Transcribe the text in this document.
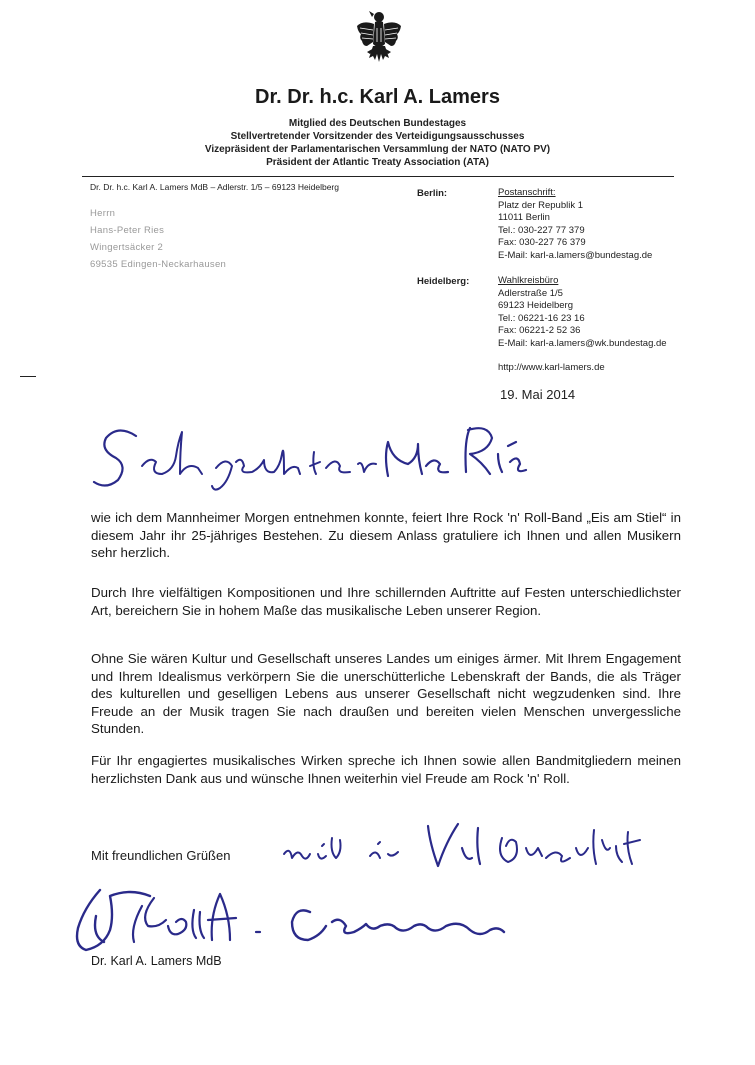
Dr. Dr. h.c. Karl A. Lamers
Mitglied des Deutschen Bundestages
Stellvertretender Vorsitzender des Verteidigungsausschusses
Vizepräsident der Parlamentarischen Versammlung der NATO (NATO PV)
Präsident der Atlantic Treaty Association (ATA)
Dr. Dr. h.c. Karl A. Lamers MdB – Adlerstr. 1/5 – 69123 Heidelberg
Herrn
Hans-Peter Ries
Wingertsäcker 2
69535 Edingen-Neckarhausen
Berlin:	Postanschrift:
Platz der Republik 1
11011 Berlin
Tel.: 030-227 77 379
Fax: 030-227 76 379
E-Mail: karl-a.lamers@bundestag.de
Heidelberg:	Wahlkreisbüro
Adlerstraße 1/5
69123 Heidelberg
Tel.: 06221-16 23 16
Fax: 06221-2 52 36
E-Mail: karl-a.lamers@wk.bundestag.de
http://www.karl-lamers.de
19. Mai 2014
wie ich dem Mannheimer Morgen entnehmen konnte, feiert Ihre Rock 'n' Roll-Band „Eis am Stiel“ in diesem Jahr ihr 25-jähriges Bestehen. Zu diesem Anlass gratuliere ich Ihnen und allen Musikern sehr herzlich.
Durch Ihre vielfältigen Kompositionen und Ihre schillernden Auftritte auf Festen unterschiedlichster Art, bereichern Sie in hohem Maße das musikalische Leben unserer Region.
Ohne Sie wären Kultur und Gesellschaft unseres Landes um einiges ärmer. Mit Ihrem Engagement und Ihrem Idealismus verkörpern Sie die unerschütterliche Lebenskraft der Bands, die als Träger des kulturellen und geselligen Lebens aus unserer Gesellschaft nicht wegzudenken sind. Ihre Freude an der Musik tragen Sie nach draußen und bereiten vielen Menschen unvergessliche Stunden.
Für Ihr engagiertes musikalisches Wirken spreche ich Ihnen sowie allen Bandmitgliedern meinen herzlichsten Dank aus und wünsche Ihnen weiterhin viel Freude am Rock 'n' Roll.
Mit freundlichen Grüßen
Dr. Karl A. Lamers MdB
